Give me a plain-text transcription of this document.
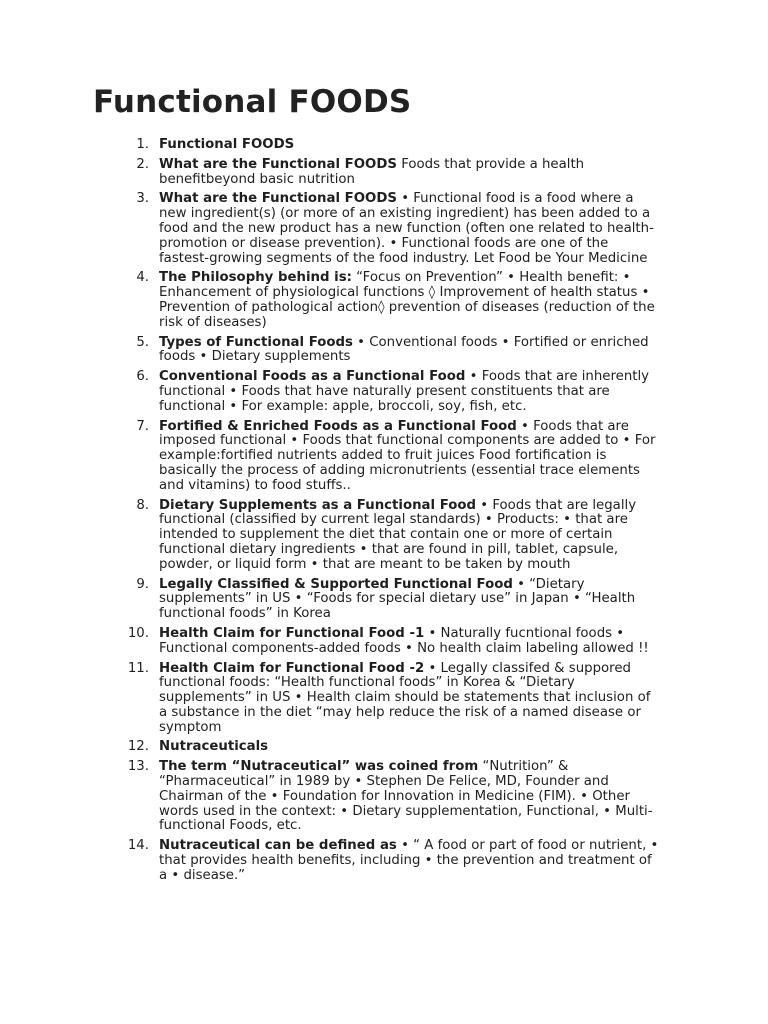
Functional FOODS
1. Functional FOODS
2. What are the Functional FOODS Foods that provide a health benefitbeyond basic nutrition
3. What are the Functional FOODS • Functional food is a food where a new ingredient(s) (or more of an existing ingredient) has been added to a food and the new product has a new function (often one related to health-promotion or disease prevention). • Functional foods are one of the fastest-growing segments of the food industry. Let Food be Your Medicine
4. The Philosophy behind is: “Focus on Prevention” • Health benefit: • Enhancement of physiological functions ◊ Improvement of health status • Prevention of pathological action◊ prevention of diseases (reduction of the risk of diseases)
5. Types of Functional Foods • Conventional foods • Fortified or enriched foods • Dietary supplements
6. Conventional Foods as a Functional Food • Foods that are inherently functional • Foods that have naturally present constituents that are functional • For example: apple, broccoli, soy, fish, etc.
7. Fortified & Enriched Foods as a Functional Food • Foods that are imposed functional • Foods that functional components are added to • For example:fortified nutrients added to fruit juices Food fortification is basically the process of adding micronutrients (essential trace elements and vitamins) to food stuffs..
8. Dietary Supplements as a Functional Food • Foods that are legally functional (classified by current legal standards) • Products: • that are intended to supplement the diet that contain one or more of certain functional dietary ingredients • that are found in pill, tablet, capsule, powder, or liquid form • that are meant to be taken by mouth
9. Legally Classified & Supported Functional Food • “Dietary supplements” in US • “Foods for special dietary use” in Japan • “Health functional foods” in Korea
10. Health Claim for Functional Food -1 • Naturally fucntional foods • Functional components-added foods • No health claim labeling allowed !!
11. Health Claim for Functional Food -2 • Legally classifed & suppored functional foods: “Health functional foods” in Korea & “Dietary supplements” in US • Health claim should be statements that inclusion of a substance in the diet “may help reduce the risk of a named disease or symptom
12. Nutraceuticals
13. The term “Nutraceutical” was coined from “Nutrition” & “Pharmaceutical” in 1989 by • Stephen De Felice, MD, Founder and Chairman of the • Foundation for Innovation in Medicine (FIM). • Other words used in the context: • Dietary supplementation, Functional, • Multi-functional Foods, etc.
14. Nutraceutical can be defined as • “ A food or part of food or nutrient, • that provides health benefits, including • the prevention and treatment of a • disease.”
